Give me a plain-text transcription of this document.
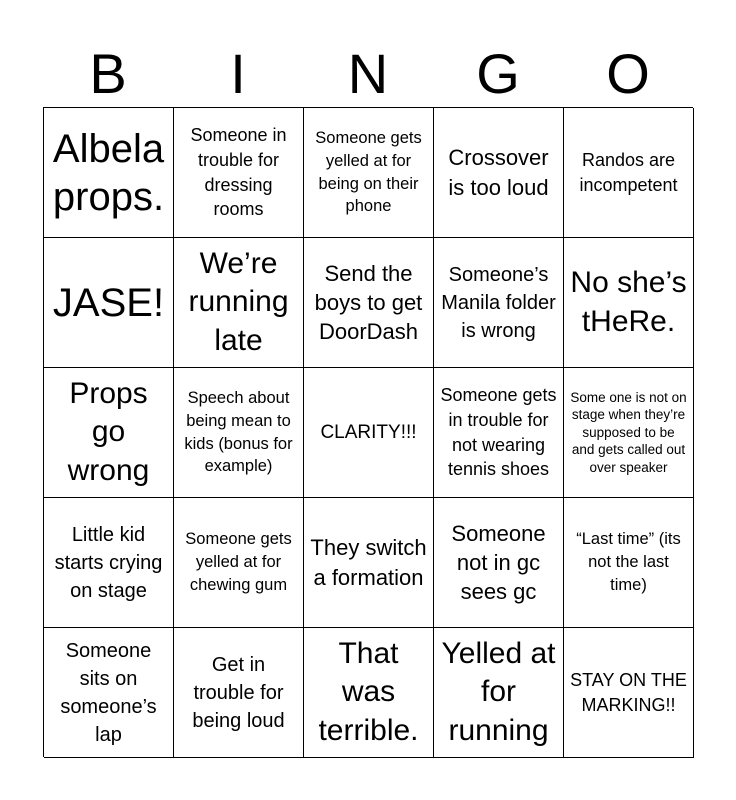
B	I	N	G	O
Albela props.
Someone in trouble for dressing rooms
Someone gets yelled at for being on their phone
Crossover is too loud
Randos are incompetent
JASE!
We’re running late
Send the boys to get DoorDash
Someone’s Manila folder is wrong
No she’s tHeRe.
Props go wrong
Speech about being mean to kids (bonus for example)
CLARITY!!!
Someone gets in trouble for not wearing tennis shoes
Some one is not on stage when they’re supposed to be and gets called out over speaker
Little kid starts crying on stage
Someone gets yelled at for chewing gum
They switch a formation
Someone not in gc sees gc
“Last time” (its not the last time)
Someone sits on someone’s lap
Get in trouble for being loud
That was terrible.
Yelled at for running
STAY ON THE MARKING!!
